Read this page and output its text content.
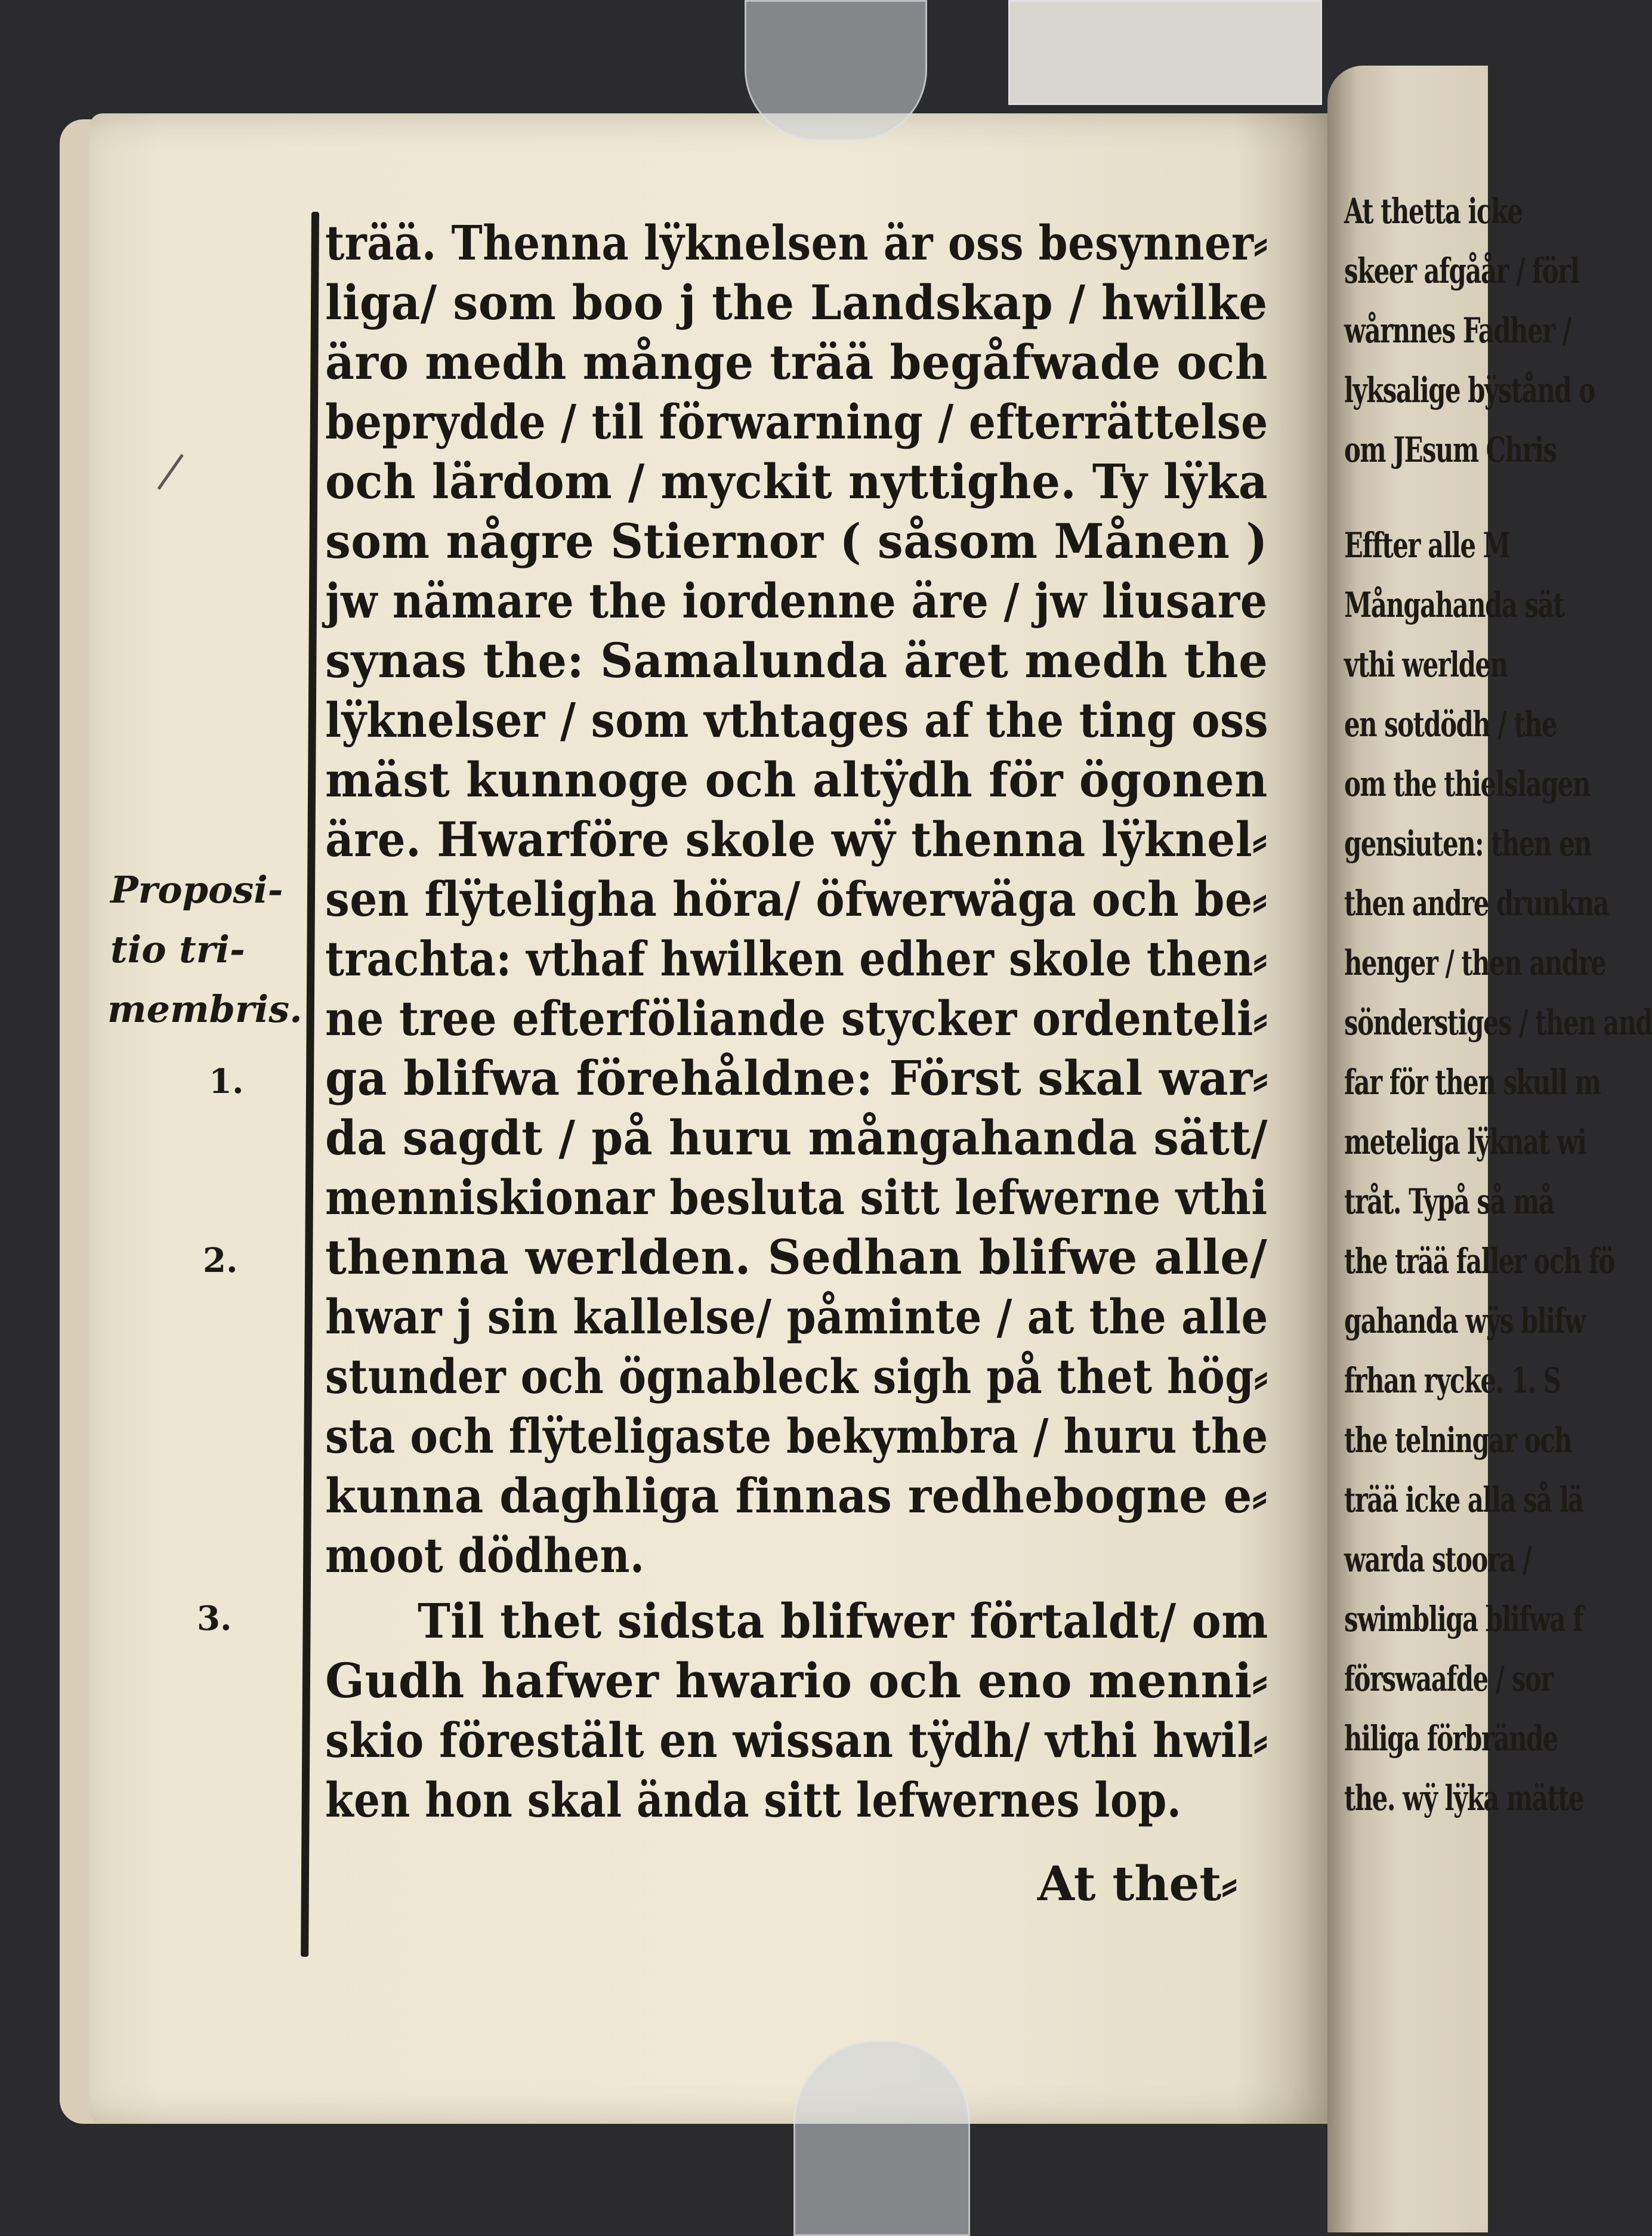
At thetta icke
skeer afgåår / förl
wårnnes Fadher /
lyksalige bÿstånd o
om JEsum Chris
Effter alle M
Mångahanda sät
vthi werlden
en sotdödh / the
om the thielslagen
gensiuten: then en
then andre drunkna
henger / then andre
sönderstiges / then and
far för then skull m
meteliga lÿknat wi
tråt. Typå så må
the trää faller och fö
gahanda wÿs blifw
frhan rycke. 1. S
the telningar och
trää icke alla så lä
warda stoora /
swimbliga blifwa f
förswaafde / sor
hiliga förbrände
the. wÿ lÿka mätte
trää. Thenna lÿknelsen är oss besynner⸗
liga/ som boo j the Landskap / hwilke
äro medh månge trää begåfwade och
beprydde / til förwarning / efterrättelse
och lärdom / myckit nyttighe. Ty lÿka
som någre Stiernor ( såsom Månen )
jw nämare the iordenne äre / jw liusare
synas the: Samalunda äret medh the
lÿknelser / som vthtages af the ting oss
mäst kunnoge och altÿdh för ögonen
äre. Hwarföre skole wÿ thenna lÿknel⸗
sen flÿteligha höra/ öfwerwäga och be⸗
trachta: vthaf hwilken edher skole then⸗
ne tree efterföliande stycker ordenteli⸗
ga blifwa förehåldne: Först skal war⸗
da sagdt / på huru mångahanda sätt/
menniskionar besluta sitt lefwerne vthi
thenna werlden. Sedhan blifwe alle/
hwar j sin kallelse/ påminte / at the alle
stunder och ögnableck sigh på thet hög⸗
sta och flÿteligaste bekymbra / huru the
kunna daghliga finnas redhebogne e⸗
moot dödhen.
Til thet sidsta blifwer förtaldt/ om
Gudh hafwer hwario och eno menni⸗
skio förestält en wissan tÿdh/ vthi hwil⸗
ken hon skal ända sitt lefwernes lop.
At thet⸗
Proposi-
tio tri-
membris.
1.
2.
3.
